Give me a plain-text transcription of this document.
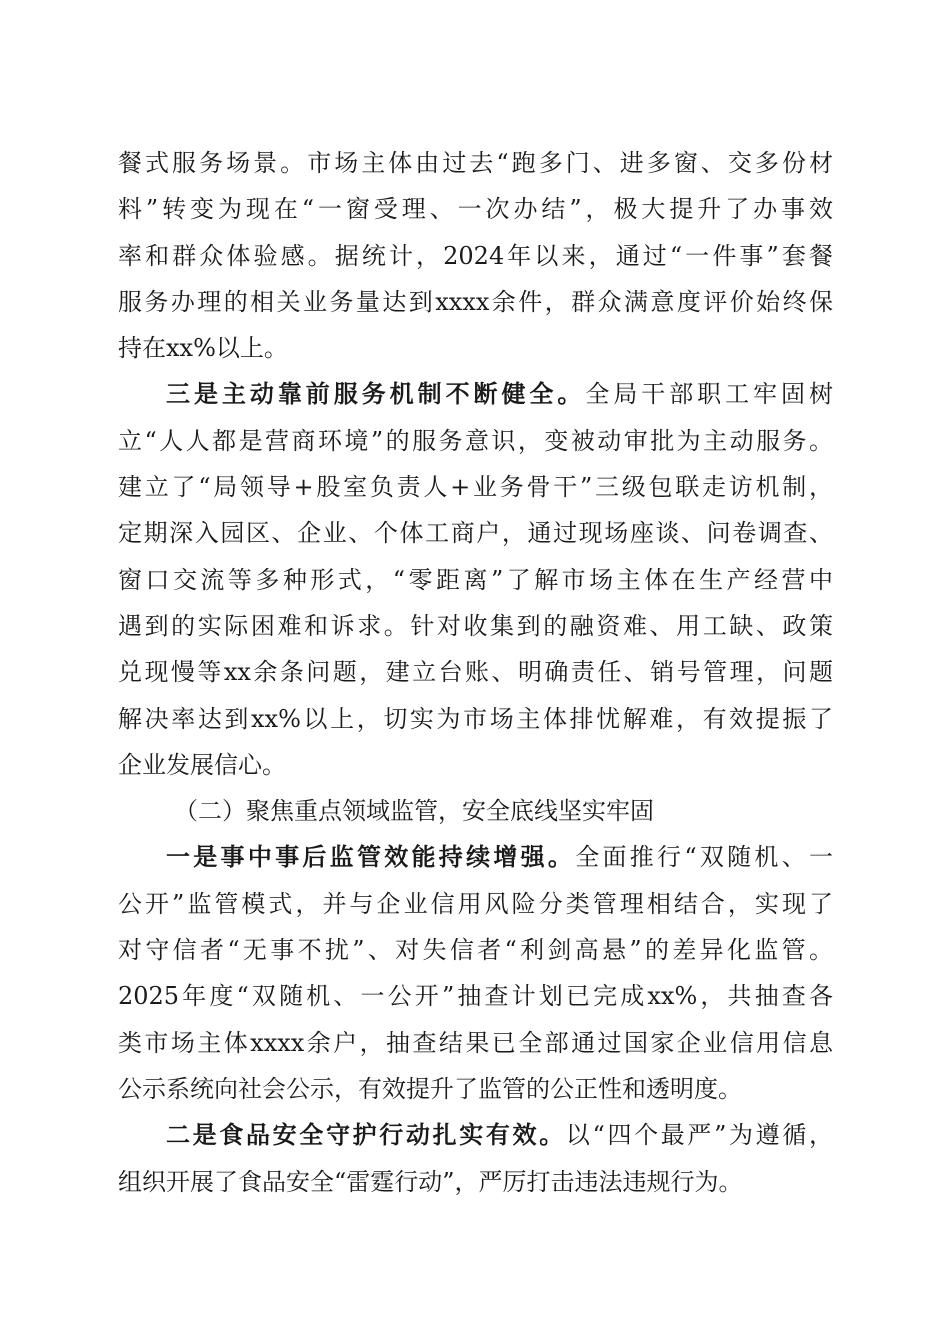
餐式服务场景。市场主体由过去“跑多门、进多窗、交多份材
料”转变为现在“一窗受理、一次办结”，极大提升了办事效
率和群众体验感。据统计，2024年以来，通过“一件事”套餐
服务办理的相关业务量达到xxxx余件，群众满意度评价始终保
持在xx%以上。
三是主动靠前服务机制不断健全。全局干部职工牢固树
立“人人都是营商环境”的服务意识，变被动审批为主动服务。
建立了“局领导+股室负责人+业务骨干”三级包联走访机制，
定期深入园区、企业、个体工商户，通过现场座谈、问卷调查、
窗口交流等多种形式，“零距离”了解市场主体在生产经营中
遇到的实际困难和诉求。针对收集到的融资难、用工缺、政策
兑现慢等xx余条问题，建立台账、明确责任、销号管理，问题
解决率达到xx%以上，切实为市场主体排忧解难，有效提振了
企业发展信心。
（二）聚焦重点领域监管，安全底线坚实牢固
一是事中事后监管效能持续增强。全面推行“双随机、一
公开”监管模式，并与企业信用风险分类管理相结合，实现了
对守信者“无事不扰”、对失信者“利剑高悬”的差异化监管。
2025年度“双随机、一公开”抽查计划已完成xx%，共抽查各
类市场主体xxxx余户，抽查结果已全部通过国家企业信用信息
公示系统向社会公示，有效提升了监管的公正性和透明度。
二是食品安全守护行动扎实有效。以“四个最严”为遵循，
组织开展了食品安全“雷霆行动”，严厉打击违法违规行为。
